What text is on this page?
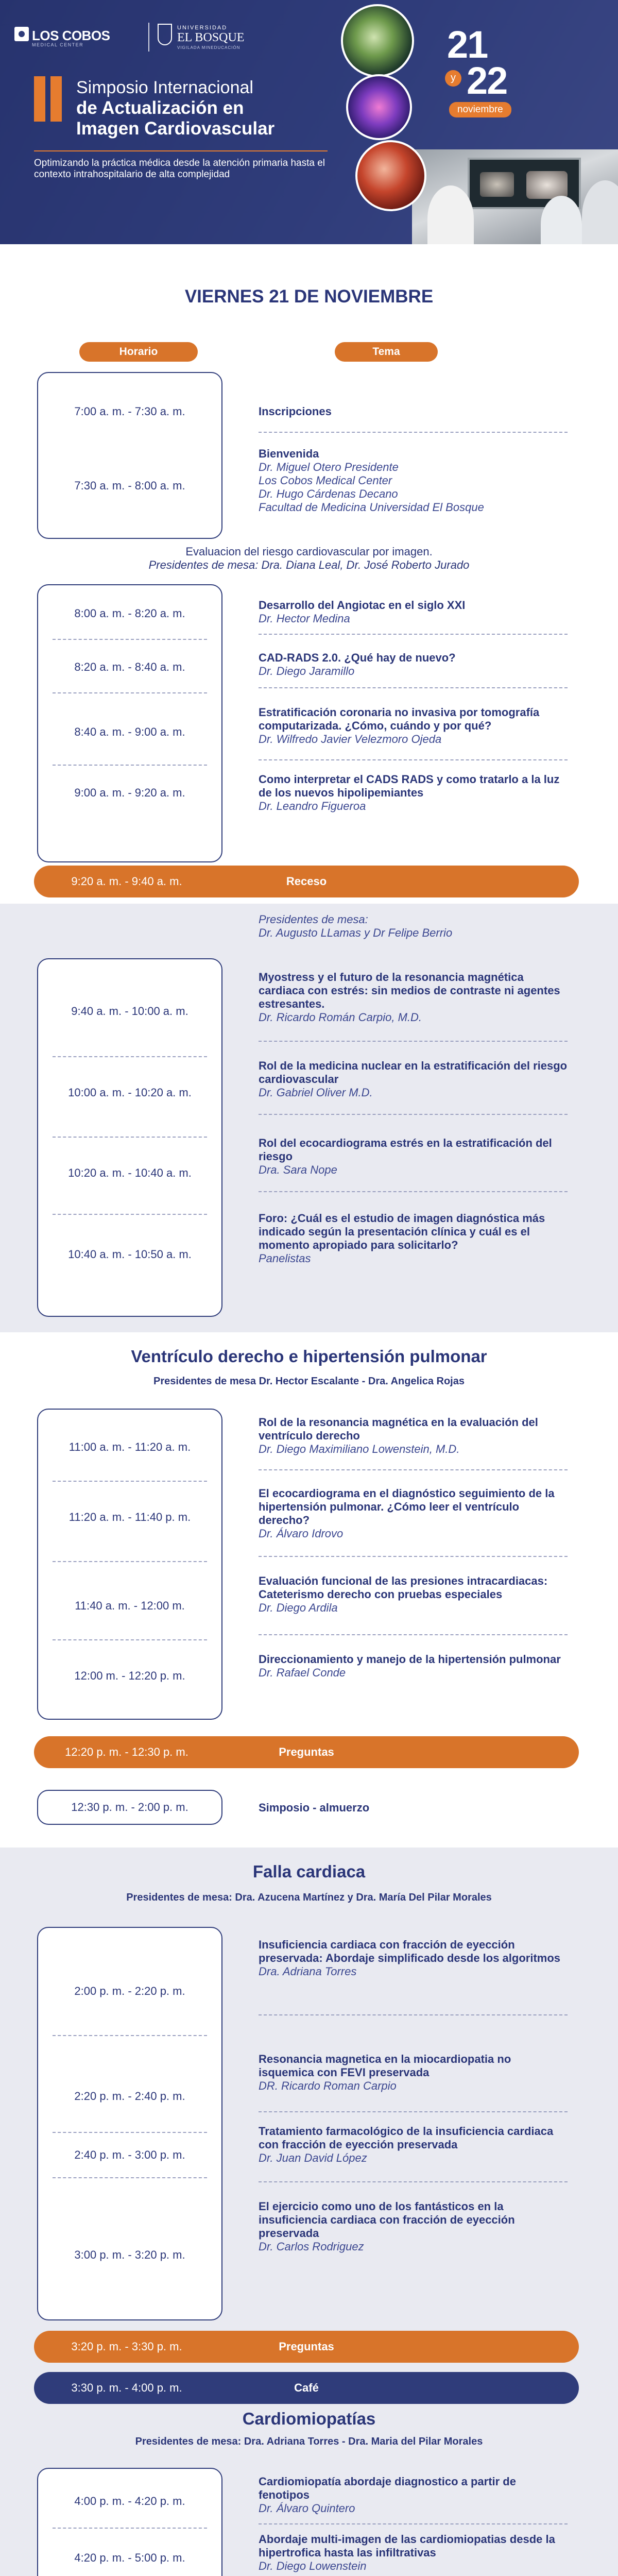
LOS COBOS
MEDICAL CENTER
UNIVERSIDAD
EL BOSQUE
VIGILADA MINEDUCACIÓN
Simposio Internacional
de Actualización en
Imagen Cardiovascular
Optimizando la práctica médica desde la atención primaria hasta el contexto intrahospitalario de alta complejidad
21
y 22
noviembre
VIERNES 21 DE NOVIEMBRE
Horario	Tema
7:00 a. m. - 7:30 a. m.	Inscripciones
7:30 a. m. - 8:00 a. m.
Bienvenida
Dr. Miguel Otero Presidente
Los Cobos Medical Center
Dr. Hugo Cárdenas Decano
Facultad de Medicina Universidad El Bosque
Evaluacion del riesgo cardiovascular por imagen.
Presidentes de mesa: Dra. Diana Leal, Dr. José Roberto Jurado
8:00 a. m. - 8:20 a. m.
Desarrollo del Angiotac en el siglo XXI
Dr. Hector Medina
8:20 a. m. - 8:40 a. m.
CAD-RADS 2.0. ¿Qué hay de nuevo?
Dr. Diego Jaramillo
8:40 a. m. - 9:00 a. m.
Estratificación coronaria no invasiva por tomografía computarizada. ¿Cómo, cuándo y por qué?
Dr. Wilfredo Javier Velezmoro Ojeda
9:00 a. m. - 9:20 a. m.
Como interpretar el CADS RADS y como tratarlo a la luz de los nuevos hipolipemiantes
Dr. Leandro Figueroa
9:20 a. m. - 9:40 a. m.	Receso
Presidentes de mesa:
Dr. Augusto LLamas y Dr Felipe Berrio
9:40 a. m. - 10:00 a. m.
Myostress y el futuro de la resonancia magnética cardiaca con estrés: sin medios de contraste ni agentes estresantes.
Dr. Ricardo Román Carpio, M.D.
10:00 a. m. - 10:20 a. m.
Rol de la medicina nuclear en la estratificación del riesgo cardiovascular
Dr. Gabriel Oliver M.D.
10:20 a. m. - 10:40 a. m.
Rol del ecocardiograma estrés en la estratificación del riesgo
Dra. Sara Nope
10:40 a. m. - 10:50 a. m.
Foro: ¿Cuál es el estudio de imagen diagnóstica más indicado según la presentación clínica y cuál es el momento apropiado para solicitarlo?
Panelistas
Ventrículo derecho e hipertensión pulmonar
Presidentes de mesa Dr. Hector Escalante - Dra. Angelica Rojas
11:00 a. m. - 11:20 a. m.
Rol de la resonancia magnética en la evaluación del ventrículo derecho
Dr. Diego Maximiliano Lowenstein, M.D.
11:20 a. m. - 11:40 p. m.
El ecocardiograma en el diagnóstico seguimiento de la hipertensión pulmonar. ¿Cómo leer el ventrículo derecho?
Dr. Álvaro Idrovo
11:40 a. m. - 12:00 m.
Evaluación funcional de las presiones intracardiacas: Cateterismo derecho con pruebas especiales
Dr. Diego Ardila
12:00 m. - 12:20 p. m.
Direccionamiento y manejo de la hipertensión pulmonar
Dr. Rafael Conde
12:20 p. m. - 12:30 p. m.	Preguntas
12:30 p. m. - 2:00 p. m.	Simposio - almuerzo
Falla cardiaca
Presidentes de mesa: Dra. Azucena Martínez y Dra. María Del Pilar Morales
2:00 p. m. - 2:20 p. m.
Insuficiencia cardiaca con fracción de eyección preservada: Abordaje simplificado desde los algoritmos
Dra. Adriana Torres
2:20 p. m. - 2:40 p. m.
Resonancia magnetica en la miocardiopatia no isquemica con FEVI preservada
DR. Ricardo Roman Carpio
2:40 p. m. - 3:00 p. m.
Tratamiento farmacológico de la insuficiencia cardiaca con fracción de eyección preservada
Dr. Juan David López
3:00 p. m. - 3:20 p. m.
El ejercicio como uno de los fantásticos en la insuficiencia cardiaca con fracción de eyección preservada
Dr. Carlos Rodriguez
3:20 p. m. - 3:30 p. m.	Preguntas
3:30 p. m. - 4:00 p. m.	Café
Cardiomiopatías
Presidentes de mesa: Dra. Adriana Torres - Dra. Maria del Pilar Morales
4:00 p. m. - 4:20 p. m.
Cardiomiopatía abordaje diagnostico a partir de fenotipos
Dr. Álvaro Quintero
4:20 p. m. - 5:00 p. m.
Abordaje multi-imagen de las cardiomiopatias desde la hipertrofica hasta las infiltrativas
Dr. Diego Lowenstein
